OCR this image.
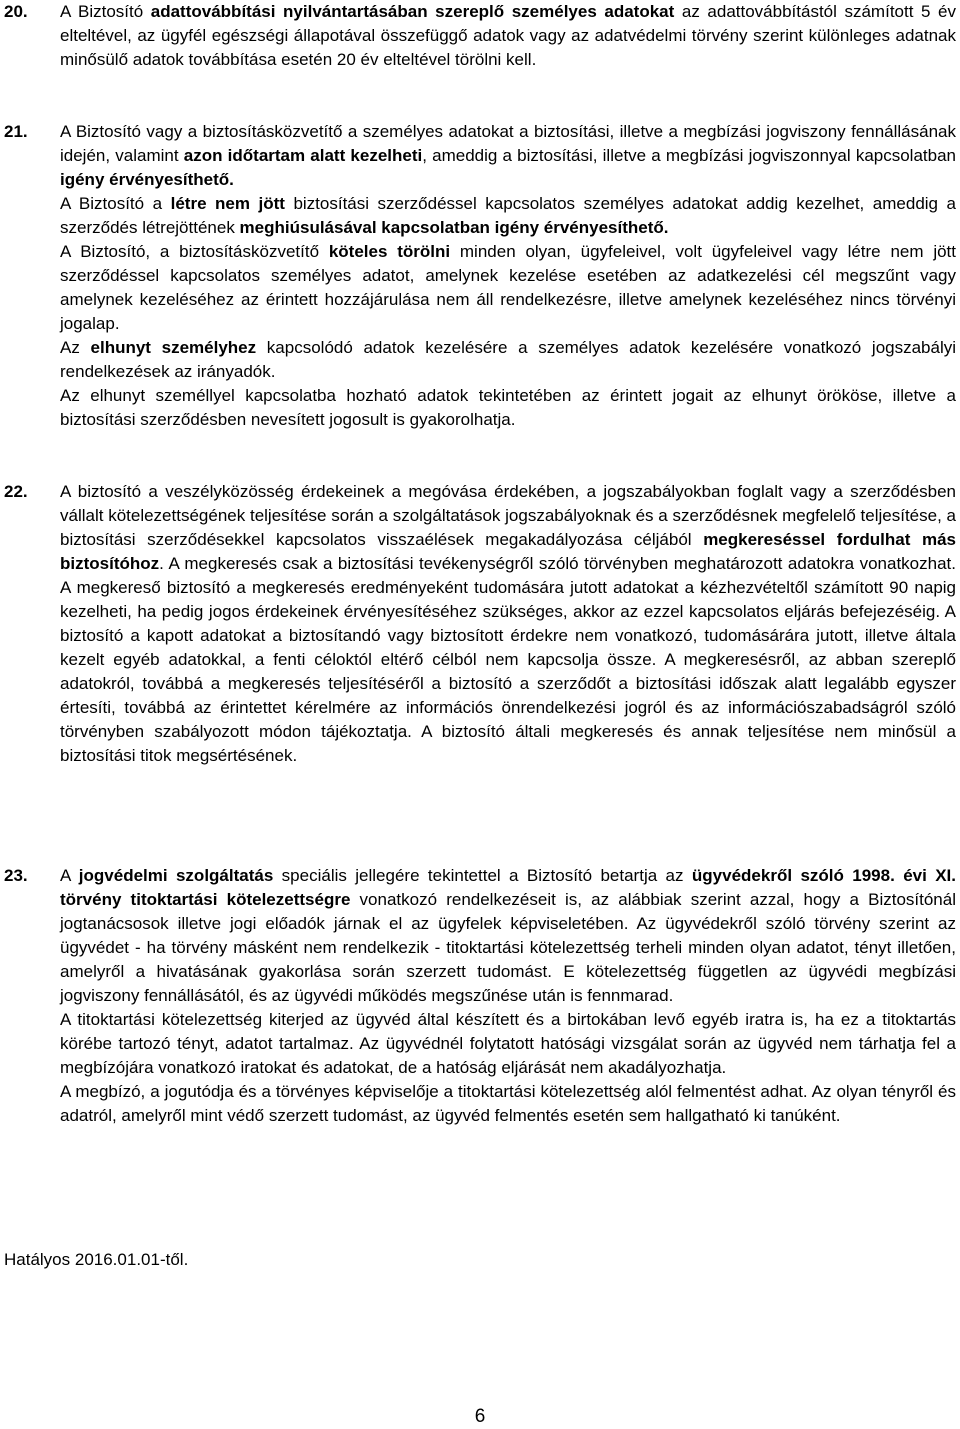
20. A Biztosító adattovábbítási nyilvántartásában szereplő személyes adatokat az adattovábbítástól számított 5 év elteltével, az ügyfél egészségi állapotával összefüggő adatok vagy az adatvédelmi törvény szerint különleges adatnak minősülő adatok továbbítása esetén 20 év elteltével törölni kell.

21. A Biztosító vagy a biztosításközvetítő a személyes adatokat a biztosítási, illetve a megbízási jogviszony fennállásának idején, valamint azon időtartam alatt kezelheti, ameddig a biztosítási, illetve a megbízási jogviszonnyal kapcsolatban igény érvényesíthető.

A Biztosító a létre nem jött biztosítási szerződéssel kapcsolatos személyes adatokat addig kezelhet, ameddig a szerződés létrejöttének meghiúsulásával kapcsolatban igény érvényesíthető.

A Biztosító, a biztosításközvetítő köteles törölni minden olyan, ügyfeleivel, volt ügyfeleivel vagy létre nem jött szerződéssel kapcsolatos személyes adatot, amelynek kezelése esetében az adatkezelési cél megszűnt vagy amelynek kezeléséhez az érintett hozzájárulása nem áll rendelkezésre, illetve amelynek kezeléséhez nincs törvényi jogalap.

Az elhunyt személyhez kapcsolódó adatok kezelésére a személyes adatok kezelésére vonatkozó jogszabályi rendelkezések az irányadók.

Az elhunyt személlyel kapcsolatba hozható adatok tekintetében az érintett jogait az elhunyt örököse, illetve a biztosítási szerződésben nevesített jogosult is gyakorolhatja.

22. A biztosító a veszélyközösség érdekeinek a megóvása érdekében, a jogszabályokban foglalt vagy a szerződésben vállalt kötelezettségének teljesítése során a szolgáltatások jogszabályoknak és a szerződésnek megfelelő teljesítése, a biztosítási szerződésekkel kapcsolatos visszaélések megakadályozása céljából megkereséssel fordulhat más biztosítóhoz. A megkeresés csak a biztosítási tevékenységről szóló törvényben meghatározott adatokra vonatkozhat. A megkereső biztosító a megkeresés eredményeként tudomására jutott adatokat a kézhezvételtől számított 90 napig kezelheti, ha pedig jogos érdekeinek érvényesítéséhez szükséges, akkor az ezzel kapcsolatos eljárás befejezéséig. A biztosító a kapott adatokat a biztosítandó vagy biztosított érdekre nem vonatkozó, tudomásárára jutott, illetve általa kezelt egyéb adatokkal, a fenti céloktól eltérő célból nem kapcsolja össze. A megkeresésről, az abban szereplő adatokról, továbbá a megkeresés teljesítéséről a biztosító a szerződőt a biztosítási időszak alatt legalább egyszer értesíti, továbbá az érintettet kérelmére az információs önrendelkezési jogról és az információszabadságról szóló törvényben szabályozott módon tájékoztatja. A biztosító általi megkeresés és annak teljesítése nem minősül a biztosítási titok megsértésének.

23. A jogvédelmi szolgáltatás speciális jellegére tekintettel a Biztosító betartja az ügyvédekről szóló 1998. évi XI. törvény titoktartási kötelezettségre vonatkozó rendelkezéseit is, az alábbiak szerint azzal, hogy a Biztosítónál jogtanácsosok illetve jogi előadók járnak el az ügyfelek képviseletében. Az ügyvédekről szóló törvény szerint az ügyvédet - ha törvény másként nem rendelkezik - titoktartási kötelezettség terheli minden olyan adatot, tényt illetően, amelyről a hivatásának gyakorlása során szerzett tudomást. E kötelezettség független az ügyvédi megbízási jogviszony fennállásától, és az ügyvédi működés megszűnése után is fennmarad.

A titoktartási kötelezettség kiterjed az ügyvéd által készített és a birtokában levő egyéb iratra is, ha ez a titoktartás körébe tartozó tényt, adatot tartalmaz. Az ügyvédnél folytatott hatósági vizsgálat során az ügyvéd nem tárhatja fel a megbízójára vonatkozó iratokat és adatokat, de a hatóság eljárását nem akadályozhatja.

A megbízó, a jogutódja és a törvényes képviselője a titoktartási kötelezettség alól felmentést adhat. Az olyan tényről és adatról, amelyről mint védő szerzett tudomást, az ügyvéd felmentés esetén sem hallgatható ki tanúként.

Hatályos 2016.01.01-től.
6
